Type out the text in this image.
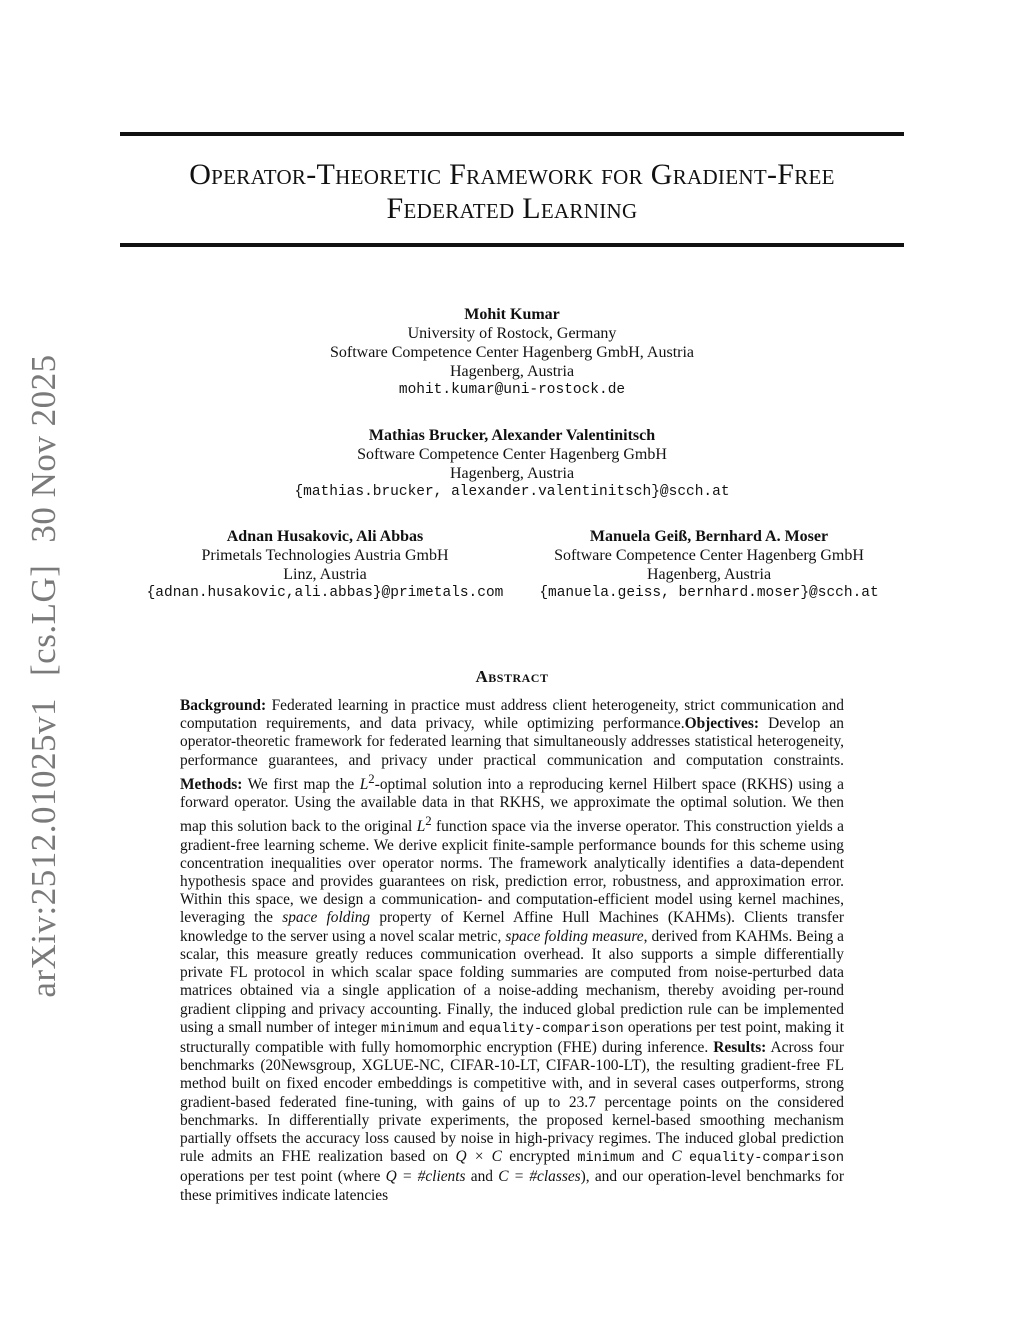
arXiv:2512.01025v1[cs.LG]30 Nov 2025
Operator-Theoretic Framework for Gradient-Free
Federated Learning
Mohit Kumar
University of Rostock, Germany
Software Competence Center Hagenberg GmbH, Austria
Hagenberg, Austria
mohit.kumar@uni-rostock.de
Mathias Brucker, Alexander Valentinitsch
Software Competence Center Hagenberg GmbH
Hagenberg, Austria
{mathias.brucker, alexander.valentinitsch}@scch.at
Adnan Husakovic, Ali Abbas
Primetals Technologies Austria GmbH
Linz, Austria
{adnan.husakovic,ali.abbas}@primetals.com
Manuela Geiß, Bernhard A. Moser
Software Competence Center Hagenberg GmbH
Hagenberg, Austria
{manuela.geiss, bernhard.moser}@scch.at
Abstract
Background: Federated learning in practice must address client heterogeneity, strict communication and computation requirements, and data privacy, while optimizing performance.Objectives: Develop an operator-theoretic framework for federated learning that simultaneously addresses statistical heterogeneity, performance guarantees, and privacy under practical communication and computation constraints. Methods: We first map the $L^2$-optimal solution into a reproducing kernel Hilbert space (RKHS) using a forward operator. Using the available data in that RKHS, we approximate the optimal solution. We then map this solution back to the original $L^2$ function space via the inverse operator. This construction yields a gradient-free learning scheme. We derive explicit finite-sample performance bounds for this scheme using concentration inequalities over operator norms. The framework analytically identifies a data-dependent hypothesis space and provides guarantees on risk, prediction error, robustness, and approximation error. Within this space, we design a communication- and computation-efficient model using kernel machines, leveraging the space folding property of Kernel Affine Hull Machines (KAHMs). Clients transfer knowledge to the server using a novel scalar metric, space folding measure, derived from KAHMs. Being a scalar, this measure greatly reduces communication overhead. It also supports a simple differentially private FL protocol in which scalar space folding summaries are computed from noise-perturbed data matrices obtained via a single application of a noise-adding mechanism, thereby avoiding per-round gradient clipping and privacy accounting. Finally, the induced global prediction rule can be implemented using a small number of integer minimum and equality-comparison operations per test point, making it structurally compatible with fully homomorphic encryption (FHE) during inference. Results: Across four benchmarks (20Newsgroup, XGLUE-NC, CIFAR-10-LT, CIFAR-100-LT), the resulting gradient-free FL method built on fixed encoder embeddings is competitive with, and in several cases outperforms, strong gradient-based federated fine-tuning, with gains of up to 23.7 percentage points on the considered benchmarks. In differentially private experiments, the proposed kernel-based smoothing mechanism partially offsets the accuracy loss caused by noise in high-privacy regimes. The induced global prediction rule admits an FHE realization based on Q × C encrypted minimum and C equality-comparison operations per test point (where Q = #clients and C = #classes), and our operation-level benchmarks for these primitives indicate latencies
